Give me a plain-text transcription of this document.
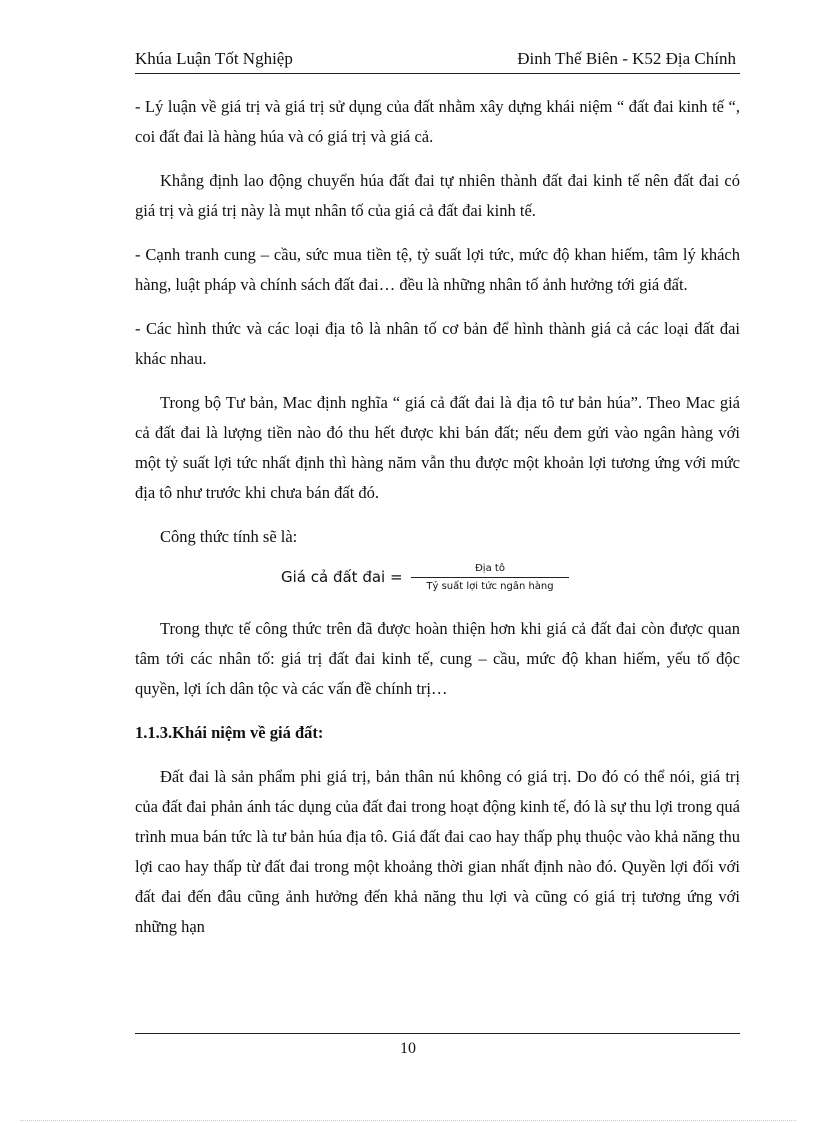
Khúa Luận Tốt Nghiệp	Đinh Thế Biên - K52 Địa Chính

- Lý luận về giá trị và giá trị sử dụng của đất nhằm xây dựng khái niệm “ đất đai kinh tế “, coi đất đai là hàng húa và có giá trị và giá cả.

Khẳng định lao động chuyển húa đất đai tự nhiên thành đất đai kinh tế nên đất đai có giá trị và giá trị này là mụt nhân tố của giá cả đất đai kinh tế.

- Cạnh tranh cung – cầu, sức mua tiền tệ, tỷ suất lợi tức, mức độ khan hiếm, tâm lý khách hàng, luật pháp và chính sách đất đai… đều là những nhân tố ảnh hưởng tới giá đất.

- Các hình thức và các loại địa tô là nhân tố cơ bản để hình thành giá cả các loại đất đai khác nhau.

Trong bộ Tư bản, Mac định nghĩa “ giá cả đất đai là địa tô tư bản húa”. Theo Mac giá cả đất đai là lượng tiền nào đó thu hết được khi bán đất; nếu đem gửi vào ngân hàng với một tỷ suất lợi tức nhất định thì hàng năm vẫn thu được một khoản lợi tương ứng với mức địa tô như trước khi chưa bán đất đó.

Công thức tính sẽ là:

Giá cả đất đai =	Địa tô
Tỷ suất lợi tức ngân hàng

Trong thực tế công thức trên đã được hoàn thiện hơn khi giá cả đất đai còn được quan tâm tới các nhân tố: giá trị đất đai kinh tế, cung – cầu, mức độ khan hiếm, yếu tố độc quyền, lợi ích dân tộc và các vấn đề chính trị…

1.1.3.Khái niệm về giá đất:

Đất đai là sản phẩm phi giá trị, bản thân nú không có giá trị. Do đó có thể nói, giá trị của đất đai phản ánh tác dụng của đất đai trong hoạt động kinh tế, đó là sự thu lợi trong quá trình mua bán tức là tư bản húa địa tô. Giá đất đai cao hay thấp phụ thuộc vào khả năng thu lợi cao hay thấp từ đất đai trong một khoảng thời gian nhất định nào đó. Quyền lợi đối với đất đai đến đâu cũng ảnh hưởng đến khả năng thu lợi và cũng có giá trị tương ứng với những hạn

10
